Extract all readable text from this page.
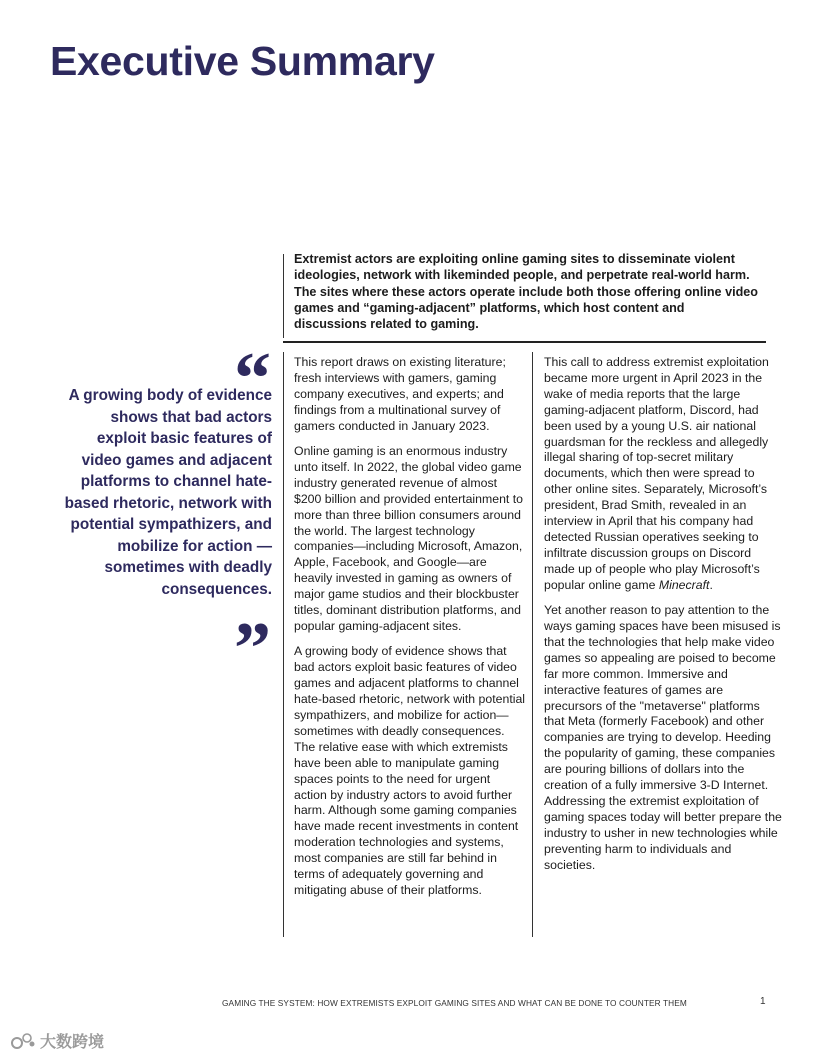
Executive Summary

Extremist actors are exploiting online gaming sites to disseminate violent ideologies, network with likeminded people, and perpetrate real-world harm. The sites where these actors operate include both those offering online video games and “gaming-adjacent” platforms, which host content and discussions related to gaming.

“

A growing body of evidence shows that bad actors exploit basic features of video games and adjacent platforms to channel hate-based rhetoric, network with potential sympathizers, and mobilize for action —sometimes with deadly consequences.

”

This report draws on existing literature; fresh interviews with gamers, gaming company executives, and experts; and findings from a multinational survey of gamers conducted in January 2023.

Online gaming is an enormous industry unto itself. In 2022, the global video game industry generated revenue of almost $200 billion and provided entertainment to more than three billion consumers around the world. The largest technology companies—including Microsoft, Amazon, Apple, Facebook, and Google—are heavily invested in gaming as owners of major game studios and their blockbuster titles, dominant distribution platforms, and popular gaming-adjacent sites.

A growing body of evidence shows that bad actors exploit basic features of video games and adjacent platforms to channel hate-based rhetoric, network with potential sympathizers, and mobilize for action—sometimes with deadly consequences. The relative ease with which extremists have been able to manipulate gaming spaces points to the need for urgent action by industry actors to avoid further harm. Although some gaming companies have made recent investments in content moderation technologies and systems, most companies are still far behind in terms of adequately governing and mitigating abuse of their platforms.

This call to address extremist exploitation became more urgent in April 2023 in the wake of media reports that the large gaming-adjacent platform, Discord, had been used by a young U.S. air national guardsman for the reckless and allegedly illegal sharing of top-secret military documents, which then were spread to other online sites. Separately, Microsoft’s president, Brad Smith, revealed in an interview in April that his company had detected Russian operatives seeking to infiltrate discussion groups on Discord made up of people who play Microsoft’s popular online game Minecraft.

Yet another reason to pay attention to the ways gaming spaces have been misused is that the technologies that help make video games so appealing are poised to become far more common. Immersive and interactive features of games are precursors of the "metaverse" platforms that Meta (formerly Facebook) and other companies are trying to develop. Heeding the popularity of gaming, these companies are pouring billions of dollars into the creation of a fully immersive 3-D Internet. Addressing the extremist exploitation of gaming spaces today will better prepare the industry to usher in new technologies while preventing harm to individuals and societies.

GAMING THE SYSTEM: HOW EXTREMISTS EXPLOIT GAMING SITES AND WHAT CAN BE DONE TO COUNTER THEM	1
大数跨境
